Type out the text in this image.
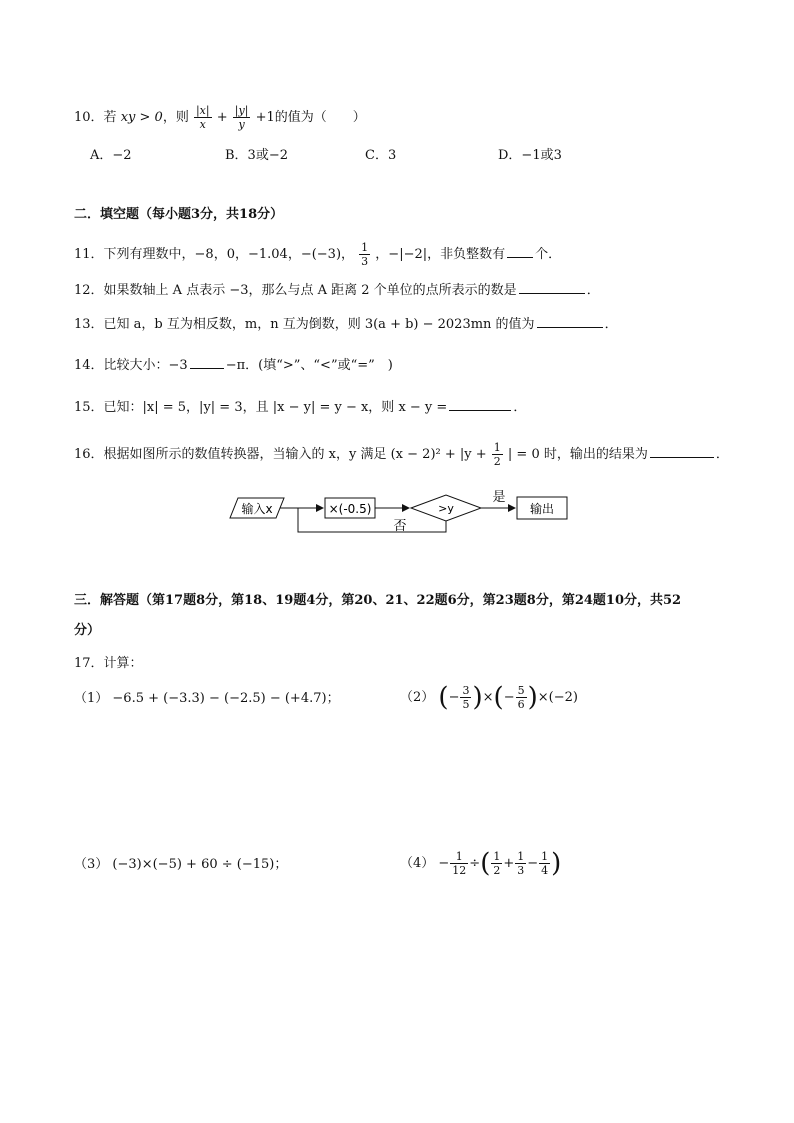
10．若 xy > 0，则 $\frac{|x|}{x} + \frac{|y|}{y} +1$的值为（　　）
A．−2	B．3或−2	C．3	D．−1或3
二．填空题（每小题3分，共18分）
11．下列有理数中，−8，0，−1.04，−(−3)， $\frac{1}{3}$ ，−|−2|，非负整数有 个．
12．如果数轴上 A 点表示 −3，那么与点 A 距离 2 个单位的点所表示的数是	．
13．已知 a，b 互为相反数，m，n 互为倒数，则 3(a + b) − 2023mn 的值为	．
14．比较大小：−3	−π．(填“>”、“<”或“=”　)
15．已知：|x| = 5，|y| = 3，且 |x − y| = y − x，则 x − y =	．
16．根据如图所示的数值转换器，当输入的 x，y 满足 $(x - 2)^2 + |y + \frac{1}{2}$ | = 0 时，输出的结果为	．
输入x	×(-0.5)	>y
是
输出
否
三．解答题（第17题8分，第18、19题4分，第20、21、22题6分，第23题8分，第24题10分，共52
分）
17．计算：
（1） −6.5 + (−3.3) − (−2.5) − (+4.7)；	（2） (− $\frac{3}{5}$ )×(− $\frac{5}{6} )\times(-2)$
（3） (−3)×(−5) + 60 ÷ (−15)；	$(4) - \frac{1}{12}$ ÷( $\frac{1}{2} + \frac{1}{3} - \frac{1}{4}$ )
